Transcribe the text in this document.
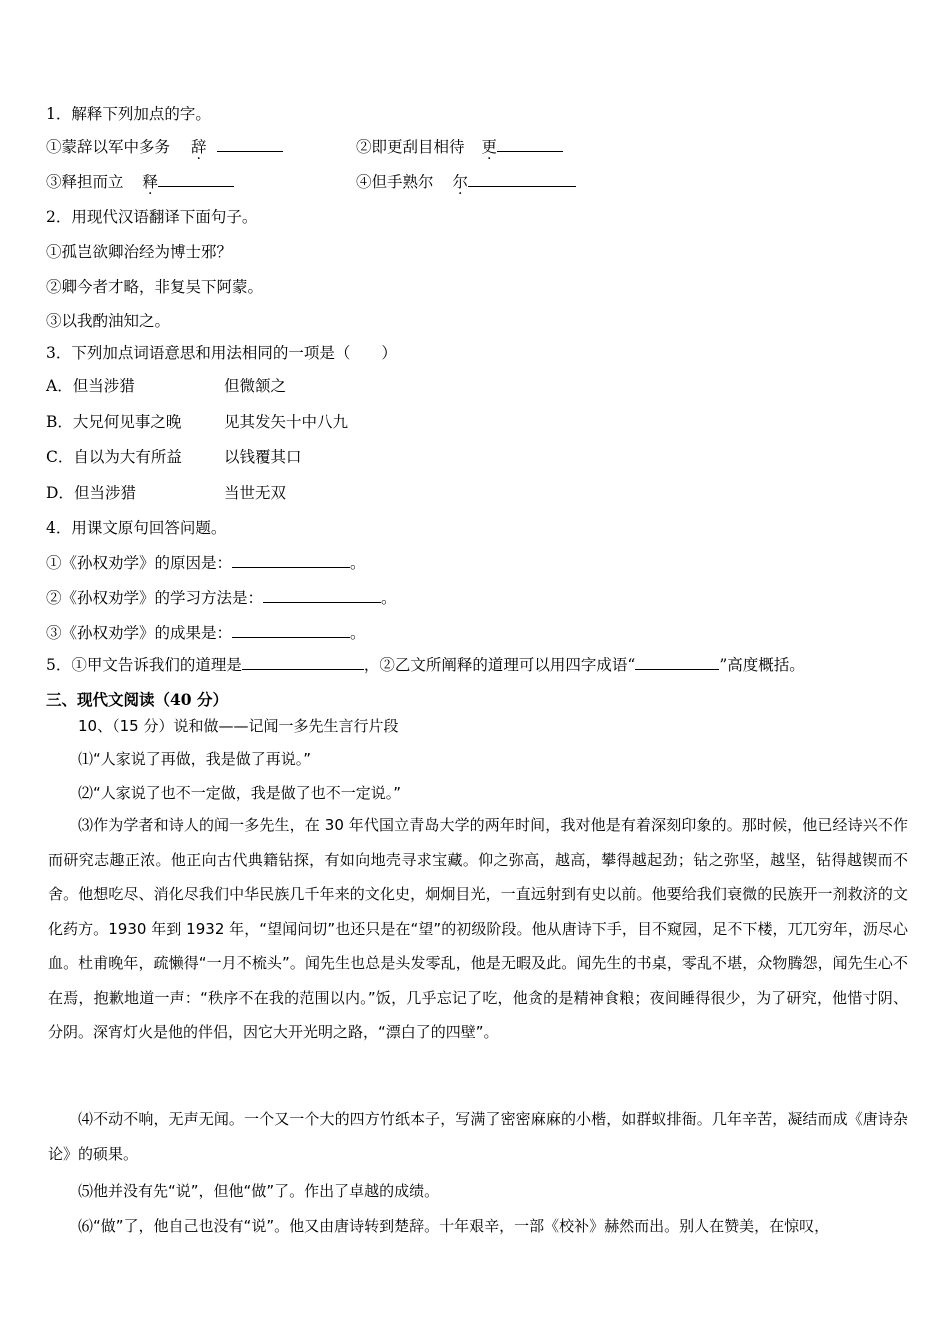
1．解释下列加点的字。
①蒙辞以军中多务 辞	②即更刮目相待 更
③释担而立 释	④但手熟尔 尔
2．用现代汉语翻译下面句子。
①孤岂欲卿治经为博士邪？
②卿今者才略，非复吴下阿蒙。
③以我酌油知之。
3．下列加点词语意思和用法相同的一项是（　　）
A．但当涉猎	但微颔之
B．大兄何见事之晚	见其发矢十中八九
C．自以为大有所益	以钱覆其口
D．但当涉猎	当世无双
4．用课文原句回答问题。
①《孙权劝学》的原因是：	。
②《孙权劝学》的学习方法是：	。
③《孙权劝学》的成果是：	。
5．①甲文告诉我们的道理是	，②乙文所阐释的道理可以用四字成语“	”高度概括。
三、现代文阅读（40 分）
10、（15 分）说和做——记闻一多先生言行片段
⑴“人家说了再做，我是做了再说。”
⑵“人家说了也不一定做，我是做了也不一定说。”
⑶作为学者和诗人的闻一多先生，在 30 年代国立青岛大学的两年时间，我对他是有着深刻印象的。那时候，他已经诗兴不作而研究志趣正浓。他正向古代典籍钻探，有如向地壳寻求宝藏。仰之弥高，越高，攀得越起劲；钻之弥坚，越坚，钻得越锲而不舍。他想吃尽、消化尽我们中华民族几千年来的文化史，炯炯目光，一直远射到有史以前。他要给我们衰微的民族开一剂救济的文化药方。1930 年到 1932 年，“望闻问切”也还只是在“望”的初级阶段。他从唐诗下手，目不窥园，足不下楼，兀兀穷年，沥尽心血。杜甫晚年，疏懒得“一月不梳头”。闻先生也总是头发零乱，他是无暇及此。闻先生的书桌，零乱不堪，众物腾怨，闻先生心不在焉，抱歉地道一声：“秩序不在我的范围以内。”饭，几乎忘记了吃，他贪的是精神食粮；夜间睡得很少，为了研究，他惜寸阴、分阴。深宵灯火是他的伴侣，因它大开光明之路，“漂白了的四壁”。
⑷不动不响，无声无闻。一个又一个大的四方竹纸本子，写满了密密麻麻的小楷，如群蚁排衙。几年辛苦，凝结而成《唐诗杂论》的硕果。
⑸他并没有先“说”，但他“做”了。作出了卓越的成绩。
⑹“做”了，他自己也没有“说”。他又由唐诗转到楚辞。十年艰辛，一部《校补》赫然而出。别人在赞美，在惊叹，
